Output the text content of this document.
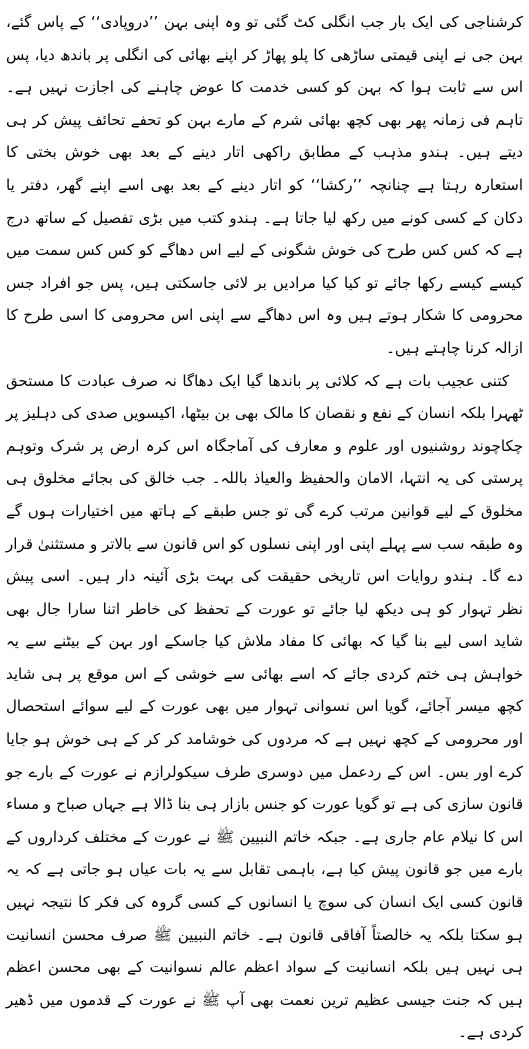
کرشناجی کی ایک بار جب انگلی کٹ گئی تو وہ اپنی بہن ’’دروپادی‘‘ کے پاس گئے، بہن جی نے اپنی قیمتی ساڑھی کا پلو پھاڑ کر اپنے بھائی کی انگلی پر باندھ دیا، پس اس سے ثابت ہوا کہ بہن کو کسی خدمت کا عوض چاہنے کی اجازت نہیں ہے۔ تاہم فی زمانہ پھر بھی کچھ بھائی شرم کے مارے بہن کو تحفے تحائف پیش کر ہی دیتے ہیں۔ ہندو مذہب کے مطابق راکھی اتار دینے کے بعد بھی خوش بختی کا استعارہ رہتا ہے چنانچہ ’’رکشا‘‘ کو اتار دینے کے بعد بھی اسے اپنے گھر، دفتر یا دکان کے کسی کونے میں رکھ لیا جاتا ہے۔ ہندو کتب میں بڑی تفصیل کے ساتھ درج ہے کہ کس کس طرح کی خوش شگونی کے لیے اس دھاگے کو کس کس سمت میں کیسے کیسے رکھا جائے تو کیا کیا مرادیں بر لائی جاسکتی ہیں، پس جو افراد جس محرومی کا شکار ہوتے ہیں وہ اس دھاگے سے اپنی اس محرومی کا اسی طرح کا ازالہ کرنا چاہتے ہیں۔

کتنی عجیب بات ہے کہ کلائی پر باندھا گیا ایک دھاگا نہ صرف عبادت کا مستحق ٹھہرا بلکہ انسان کے نفع و نقصان کا مالک بھی بن بیٹھا، اکیسویں صدی کی دہلیز پر چکاچوند روشنیوں اور علوم و معارف کی آماجگاہ اس کرہ ارض پر شرک وتوہم پرستی کی یہ انتہا، الامان والحفیظ والعیاذ باللہ۔ جب خالق کی بجائے مخلوق ہی مخلوق کے لیے قوانین مرتب کرے گی تو جس طبقے کے ہاتھ میں اختیارات ہوں گے وہ طبقہ سب سے پہلے اپنی اور اپنی نسلوں کو اس قانون سے بالاتر و مستثنیٰ قرار دے گا۔ ہندو روایات اس تاریخی حقیقت کی بہت بڑی آئینہ دار ہیں۔ اسی پیش نظر تہوار کو ہی دیکھ لیا جائے تو عورت کے تحفظ کی خاطر اتنا سارا جال بھی شاید اسی لیے بنا گیا کہ بھائی کا مفاد ملاش کیا جاسکے اور بہن کے بیٹنے سے یہ خواہش ہی ختم کردی جائے کہ اسے بھائی سے خوشی کے اس موقع پر ہی شاید کچھ میسر آجائے، گویا اس نسوانی تہوار میں بھی عورت کے لیے سوائے استحصال اور محرومی کے کچھ نہیں ہے کہ مردوں کی خوشامد کر کر کے ہی خوش ہو جایا کرے اور بس۔ اس کے ردعمل میں دوسری طرف سیکولرازم نے عورت کے بارے جو قانون سازی کی ہے تو گویا عورت کو جنس بازار ہی بنا ڈالا ہے جہاں صباح و مساء اس کا نیلام عام جاری ہے۔ جبکہ خاتم النبیین ﷺ نے عورت کے مختلف کرداروں کے بارے میں جو قانون پیش کیا ہے، باہمی تقابل سے یہ بات عیاں ہو جاتی ہے کہ یہ قانون کسی ایک انسان کی سوچ یا انسانوں کے کسی گروہ کی فکر کا نتیجہ نہیں ہو سکتا بلکہ یہ خالصتاً آفاقی قانون ہے۔ خاتم النبیین ﷺ صرف محسن انسانیت ہی نہیں ہیں بلکہ انسانیت کے سواد اعظم عالم نسوانیت کے بھی محسن اعظم ہیں کہ جنت جیسی عظیم ترین نعمت بھی آپ ﷺ نے عورت کے قدموں میں ڈھیر کردی ہے۔
